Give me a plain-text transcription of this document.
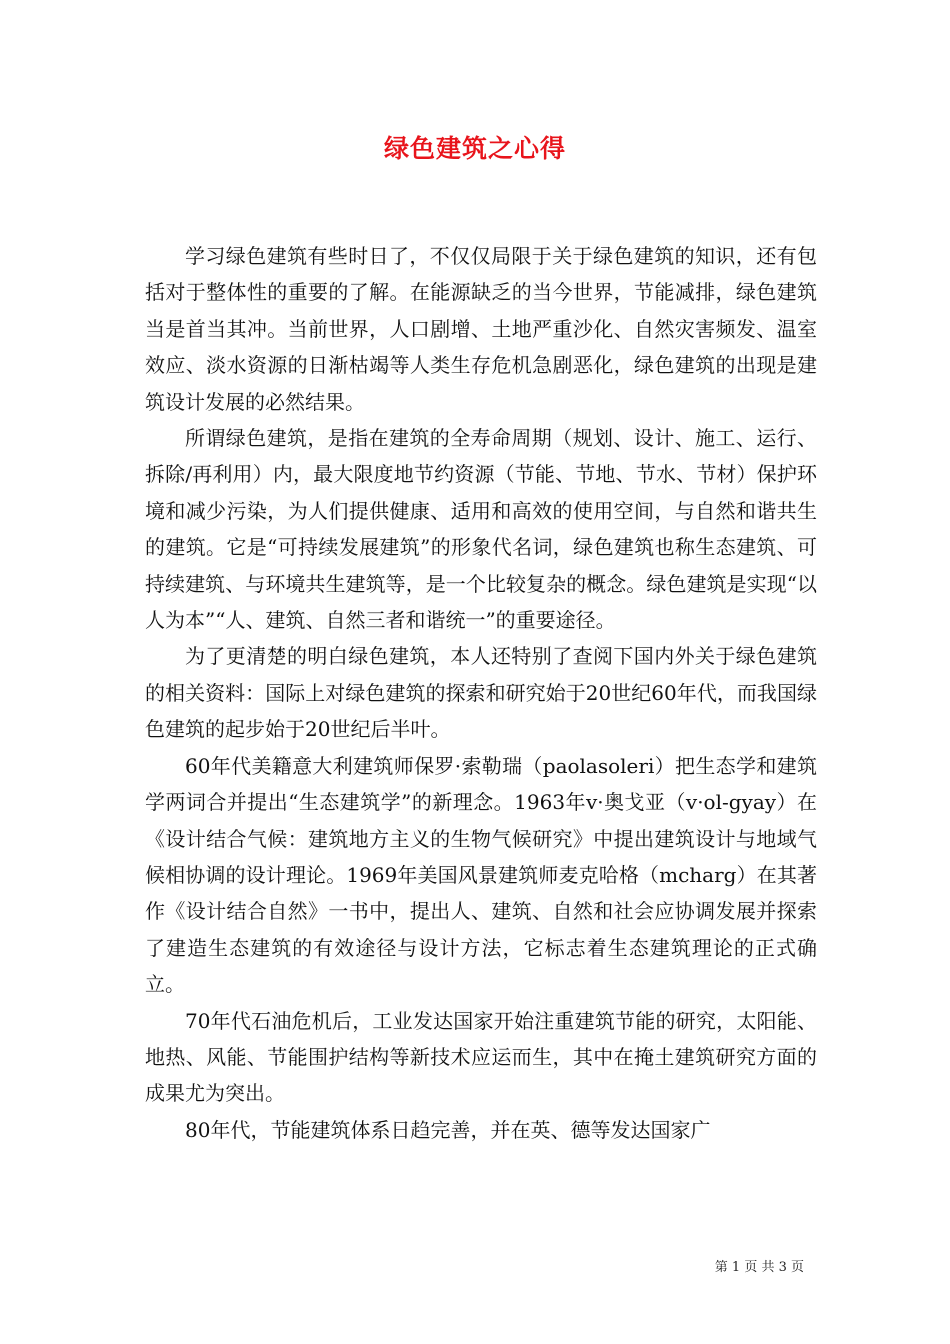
绿色建筑之心得

学习绿色建筑有些时日了，不仅仅局限于关于绿色建筑的知识，还有包括对于整体性的重要的了解。在能源缺乏的当今世界，节能减排，绿色建筑当是首当其冲。当前世界，人口剧增、土地严重沙化、自然灾害频发、温室效应、淡水资源的日渐枯竭等人类生存危机急剧恶化，绿色建筑的出现是建筑设计发展的必然结果。

所谓绿色建筑，是指在建筑的全寿命周期（规划、设计、施工、运行、拆除/再利用）内，最大限度地节约资源（节能、节地、节水、节材）保护环境和减少污染，为人们提供健康、适用和高效的使用空间，与自然和谐共生的建筑。它是“可持续发展建筑”的形象代名词，绿色建筑也称生态建筑、可持续建筑、与环境共生建筑等，是一个比较复杂的概念。绿色建筑是实现“以人为本”“人、建筑、自然三者和谐统一”的重要途径。

为了更清楚的明白绿色建筑，本人还特别了查阅下国内外关于绿色建筑的相关资料：国际上对绿色建筑的探索和研究始于20世纪60年代，而我国绿色建筑的起步始于20世纪后半叶。

60年代美籍意大利建筑师保罗·索勒瑞（paolasoleri）把生态学和建筑学两词合并提出“生态建筑学”的新理念。1963年v·奥戈亚（v·ol-gyay）在《设计结合气候：建筑地方主义的生物气候研究》中提出建筑设计与地域气候相协调的设计理论。1969年美国风景建筑师麦克哈格（mcharg）在其著作《设计结合自然》一书中，提出人、建筑、自然和社会应协调发展并探索了建造生态建筑的有效途径与设计方法，它标志着生态建筑理论的正式确立。

70年代石油危机后，工业发达国家开始注重建筑节能的研究，太阳能、地热、风能、节能围护结构等新技术应运而生，其中在掩土建筑研究方面的成果尤为突出。

80年代，节能建筑体系日趋完善，并在英、德等发达国家广

第 1 页 共 3 页
